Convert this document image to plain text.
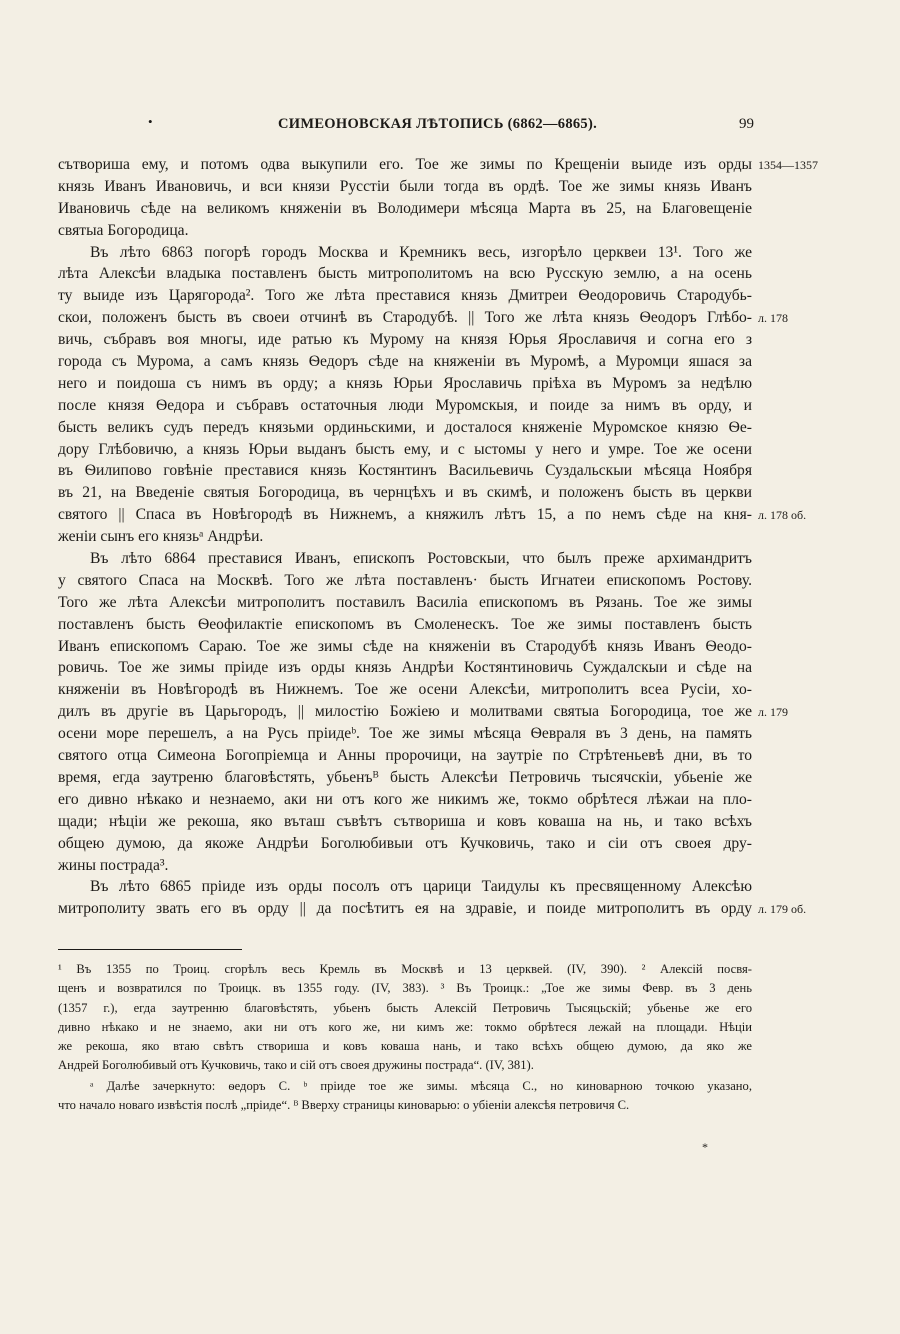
•	СИМЕОНОВСКАЯ ЛѢТОПИСЬ (6862—6865).	99
сътвориша ему, и потомъ одва выкупили его. Тое же зимы по Крещеніи выиде изъ орды 1354—1357
князь Иванъ Ивановичь, и вси князи Руcстіи были тогда въ ордѣ. Тое же зимы князь Иванъ
Ивановичь сѣде на великомъ княженіи въ Володимери мѣсяца Марта въ 25, на Благовещеніе
святыа Богородица.
Въ лѣто 6863 погорѣ городъ Москва и Кремникъ весь, изгорѣло церквеи 13¹. Того же
лѣта Алексѣи владыка поставленъ бысть митрополитомъ на всю Русскую землю, а на осень
ту выиде изъ Царягорода². Того же лѣта преставися князь Дмитреи Ѳеодоровичь Стародубь-
скои, положенъ бысть въ своеи отчинѣ въ Стародубѣ. || Того же лѣта князь Ѳеодоръ Глѣбо- л. 178
вичь, събравъ воя многы, иде ратью къ Мурому на князя Юрья Ярославичя и согна его з
города съ Мурома, а самъ князь Ѳедоръ сѣде на княженіи въ Муромѣ, а Муромци яшася за
него и поидоша съ нимъ въ орду; а князь Юрьи Ярославичь пріѣха въ Муромъ за недѣлю
после князя Ѳедора и събравъ остаточныя люди Муромскыя, и поиде за нимъ въ орду, и
бысть великъ судъ передъ князьми ординьскими, и досталося княженіе Муромское князю Ѳе-
дору Глѣбовичю, а князь Юрьи выданъ бысть ему, и с ыстомы у него и умре. Тое же осени
въ Ѳилипово говѣніе преставися князь Костянтинъ Васильевичь Суздальскыи мѣсяца Ноября
въ 21, на Введеніе святыя Богородица, въ чернцѣхъ и въ скимѣ, и положенъ бысть въ церкви
святого || Спаса въ Новѣгородѣ въ Нижнемъ, а княжилъ лѣтъ 15, а по немъ сѣде на кня- л. 178 об.
женіи сынъ его князьᵃ Андрѣи.
Въ лѣто 6864 преставися Иванъ, епископъ Ростовскыи, что былъ преже архимандритъ
у святого Спаса на Москвѣ. Того же лѣта поставленъ· бысть Игнатеи епископомъ Ростову.
Того же лѣта Алексѣи митрополитъ поставилъ Василіа епископомъ въ Рязань. Тое же зимы
поставленъ бысть Ѳеофилактіе епископомъ въ Смоленескъ. Тое же зимы поставленъ бысть
Иванъ епископомъ Сараю. Тое же зимы сѣде на княженіи въ Стародубѣ князь Иванъ Ѳеодо-
ровичь. Тое же зимы пріиде изъ орды князь Андрѣи Костянтиновичь Суждалскыи и сѣде на
княженіи въ Новѣгородѣ въ Нижнемъ. Тое же осени Алексѣи, митрополитъ всеа Русіи, хо-
дилъ въ другіе въ Царьгородъ, || милостію Божіею и молитвами святыа Богородица, тое же л. 179
осени море перешелъ, а на Русь пріидеᵇ. Тое же зимы мѣсяца Ѳевраля въ 3 день, на память
святого отца Симеона Богопріемца и Анны пророчици, на заутріе по Стрѣтеньевѣ дни, въ то
время, егда заутреню благовѣстять, убьенъᴮ бысть Алексѣи Петровичь тысячскіи, убьеніе же
его дивно нѣкако и незнаемо, аки ни отъ кого же никимъ же, токмо обрѣтеся лѣжаи на пло-
щади; нѣціи же рекоша, яко въташ съвѣтъ сътвориша и ковъ коваша на нь, и тако всѣхъ
общею думою, да якоже Андрѣи Боголюбивыи отъ Кучковичь, тако и сіи отъ своея дру-
жины пострада³.
Въ лѣто 6865 пріиде изъ орды посолъ отъ царици Таидулы къ пресвященному Алексѣю
митрополиту звать его въ орду || да посѣтитъ ея на здравіе, и поиде митрополитъ въ орду л. 179 об.
¹ Въ 1355 по Троиц. сгорѣлъ весь Кремль въ Москвѣ и 13 церквей. (IV, 390). ² Алексій посвя-
щенъ и возвратился по Троицк. въ 1355 году. (IV, 383). ³ Въ Троицк.: „Тое же зимы Февр. въ 3 день
(1357 г.), егда заутренню благовѣстять, убьенъ бысть Алексій Петровичь Тысяцьскій; убьенье же его
дивно нѣкако и не знаемо, аки ни отъ кого же, ни кимъ же: токмо обрѣтеся лежай на площади. Нѣціи
же рекоша, яко втаю свѣтъ створиша и ковъ коваша нань, и тако всѣхъ общею думою, да яко же
Андрей Боголюбивый отъ Кучковичь, тако и сій отъ своея дружины пострада“. (IV, 381).
ᵃ Далѣе зачеркнуто: ѳедоръ С. ᵇ пріиде тое же зимы. мѣсяца С., но киноварною точкою указано,
что начало новаго извѣстія послѣ „пріиде“. ᴮ Вверху страницы киноварью: о убіеніи алексѣя петровичя С.
*
